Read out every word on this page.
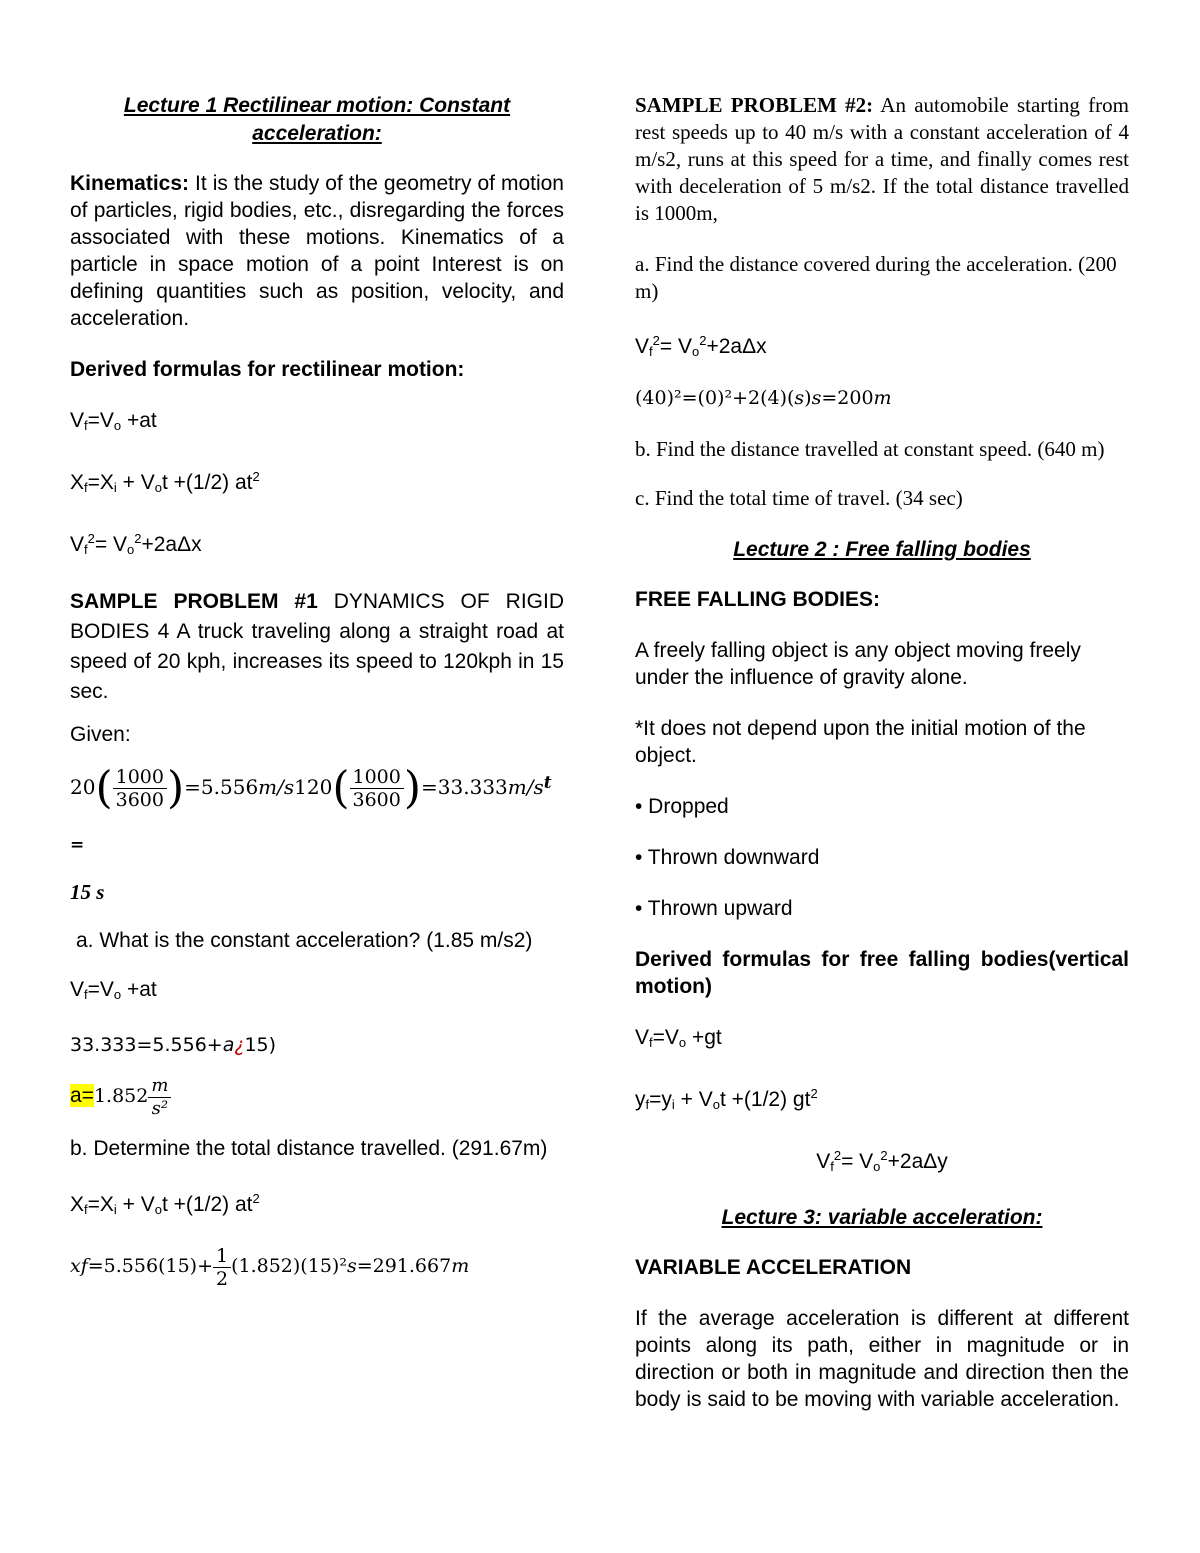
Lecture 1 Rectilinear motion: Constant
acceleration:

Kinematics: It is the study of the geometry of motion of particles, rigid bodies, etc., disregarding the forces associated with these motions. Kinematics of a particle in space motion of a point Interest is on defining quantities such as position, velocity, and acceleration.

Derived formulas for rectilinear motion:

$V_f=V_o +at$

$X_f=X_i + V_ot +(1/2)$ $at^2$

$V_f^2= V_o^2+2a\Delta x$

SAMPLE PROBLEM #1 DYNAMICS OF RIGID BODIES 4 A truck traveling along a straight road at speed of 20 kph, increases its speed to 120kph in 15 sec.

Given:

$20( \frac{1000}{3600} )=5.556m/s120( \frac{1000}{3600} )=33.333m/s^{t =}$
15 s

a. What is the constant acceleration? (1.85 m/s2)

$V_f=V_o +at$

33.333=5.556+a¿15)

$a=1.852 \frac{m}{\text{s²}}$

b. Determine the total distance travelled. (291.67m)

$X_f=X_i + V_ot +(1/2)$ $at^2$

$xf=5.556(15)+ \frac{1}{2} (1.852)(15)^2s=291.667m$

SAMPLE PROBLEM #2: An automobile starting from rest speeds up to 40 m/s with a constant acceleration of 4 m/s2, runs at this speed for a time, and finally comes rest with deceleration of 5 m/s2. If the total distance travelled is 1000m,

a. Find the distance covered during the acceleration. (200 m)

$V_f^2= V_o^2+2a\Delta x$

(40)²=(0)²+2(4)(s)s=200m

b. Find the distance travelled at constant speed. (640 m)

c. Find the total time of travel. (34 sec)

Lecture 2 : Free falling bodies

FREE FALLING BODIES:

A freely falling object is any object moving freely under the influence of gravity alone.

*It does not depend upon the initial motion of the object.

• Dropped

• Thrown downward

• Thrown upward

Derived formulas for free falling bodies(vertical motion)

$V_f=V_o +gt$

$y_f=y_i + V_ot +(1/2)$ $gt^2$

$V_f^2= V_o^2+2a\Delta y$

Lecture 3: variable acceleration:

VARIABLE ACCELERATION

If the average acceleration is different at different points along its path, either in magnitude or in direction or both in magnitude and direction then the body is said to be moving with variable acceleration.
